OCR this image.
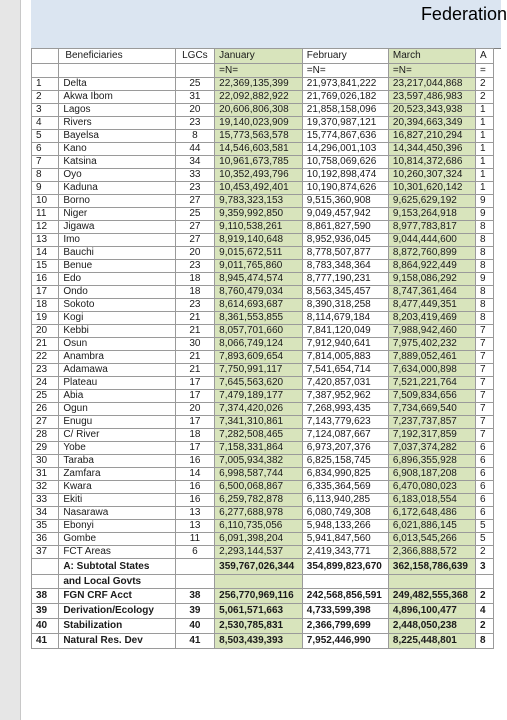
Federation
	Beneficiaries	LGCs	January	February	March	A
			=N=	=N=	=N=	=
1	Delta	25	22,369,135,399	21,973,841,222	23,217,044,868	2
2	Akwa Ibom	31	22,092,882,922	21,769,026,182	23,597,486,983	2
3	Lagos	20	20,606,806,308	21,858,158,096	20,523,343,938	1
4	Rivers	23	19,140,023,909	19,370,987,121	20,394,663,349	1
5	Bayelsa	8	15,773,563,578	15,774,867,636	16,827,210,294	1
6	Kano	44	14,546,603,581	14,296,001,103	14,344,450,396	1
7	Katsina	34	10,961,673,785	10,758,069,626	10,814,372,686	1
8	Oyo	33	10,352,493,796	10,192,898,474	10,260,307,324	1
9	Kaduna	23	10,453,492,401	10,190,874,626	10,301,620,142	1
10	Borno	27	9,783,323,153	9,515,360,908	9,625,629,192	9
11	Niger	25	9,359,992,850	9,049,457,942	9,153,264,918	9
12	Jigawa	27	9,110,538,261	8,861,827,590	8,977,783,817	8
13	Imo	27	8,919,140,648	8,952,936,045	9,044,444,600	8
14	Bauchi	20	9,015,672,511	8,778,507,877	8,872,760,899	8
15	Benue	23	9,011,765,860	8,783,348,364	8,864,922,449	8
16	Edo	18	8,945,474,574	8,777,190,231	9,158,086,292	9
17	Ondo	18	8,760,479,034	8,563,345,457	8,747,361,464	8
18	Sokoto	23	8,614,693,687	8,390,318,258	8,477,449,351	8
19	Kogi	21	8,361,553,855	8,114,679,184	8,203,419,469	8
20	Kebbi	21	8,057,701,660	7,841,120,049	7,988,942,460	7
21	Osun	30	8,066,749,124	7,912,940,641	7,975,402,232	7
22	Anambra	21	7,893,609,654	7,814,005,883	7,889,052,461	7
23	Adamawa	21	7,750,991,117	7,541,654,714	7,634,000,898	7
24	Plateau	17	7,645,563,620	7,420,857,031	7,521,221,764	7
25	Abia	17	7,479,189,177	7,387,952,962	7,509,834,656	7
26	Ogun	20	7,374,420,026	7,268,993,435	7,734,669,540	7
27	Enugu	17	7,341,310,861	7,143,779,623	7,237,737,857	7
28	C/ River	18	7,282,508,465	7,124,087,667	7,192,317,859	7
29	Yobe	17	7,158,331,864	6,973,207,376	7,037,374,282	6
30	Taraba	16	7,005,934,382	6,825,158,745	6,896,355,928	6
31	Zamfara	14	6,998,587,744	6,834,990,825	6,908,187,208	6
32	Kwara	16	6,500,068,867	6,335,364,569	6,470,080,023	6
33	Ekiti	16	6,259,782,878	6,113,940,285	6,183,018,554	6
34	Nasarawa	13	6,277,688,978	6,080,749,308	6,172,648,486	6
35	Ebonyi	13	6,110,735,056	5,948,133,266	6,021,886,145	5
36	Gombe	11	6,091,398,204	5,941,847,560	6,013,545,266	5
37	FCT Areas	6	2,293,144,537	2,419,343,771	2,366,888,572	2
	A: Subtotal States		359,767,026,344	354,899,823,670	362,158,786,639	3
	and Local Govts					
38	FGN CRF Acct	38	256,770,969,116	242,568,856,591	249,482,555,368	2
39	Derivation/Ecology	39	5,061,571,663	4,733,599,398	4,896,100,477	4
40	Stabilization	40	2,530,785,831	2,366,799,699	2,448,050,238	2
41	Natural Res. Dev	41	8,503,439,393	7,952,446,990	8,225,448,801	8
